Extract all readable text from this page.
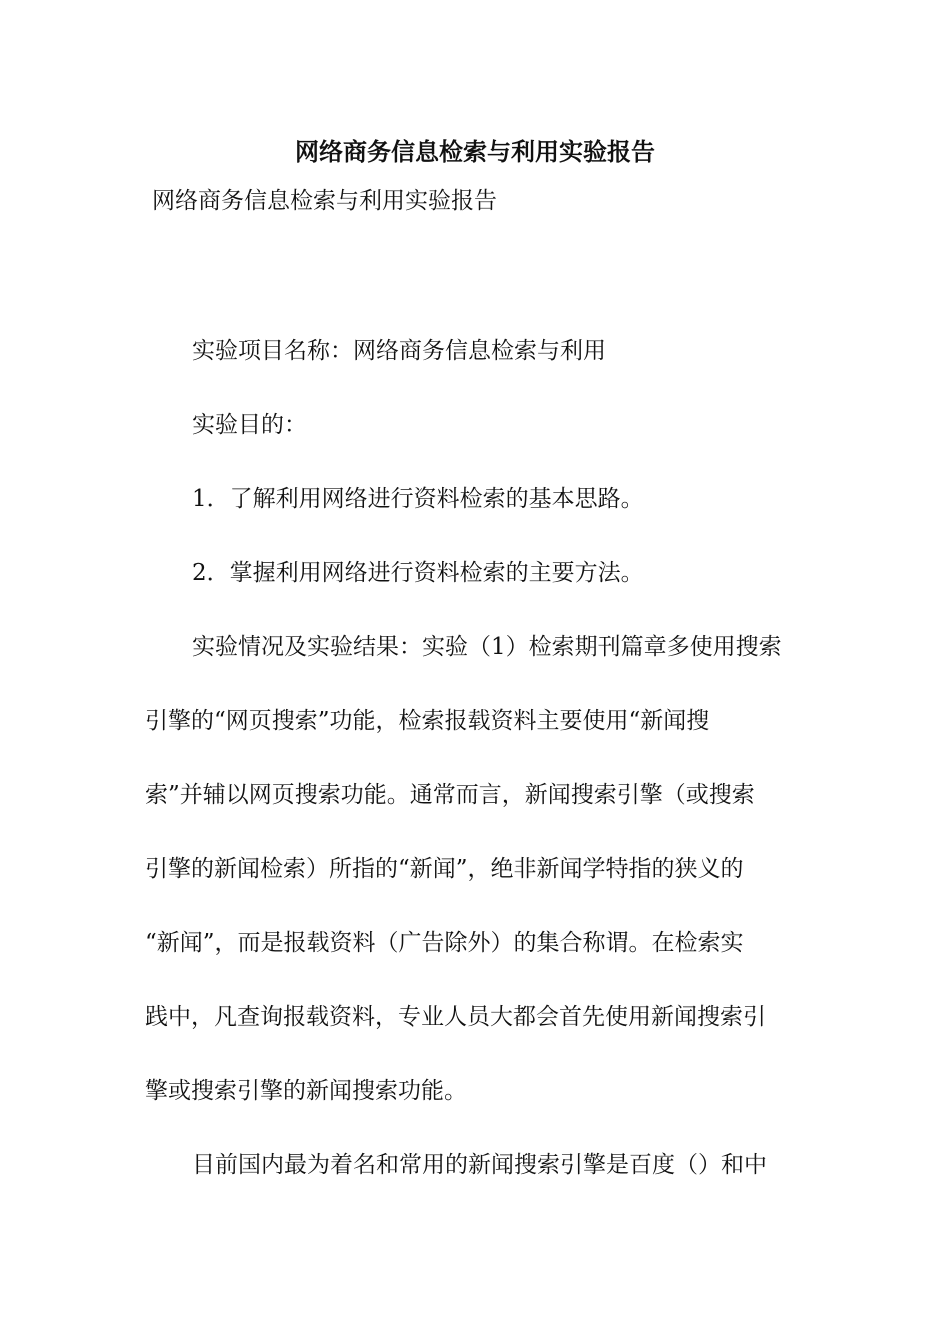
网络商务信息检索与利用实验报告
网络商务信息检索与利用实验报告
实验项目名称：网络商务信息检索与利用
实验目的：
1．了解利用网络进行资料检索的基本思路。
2．掌握利用网络进行资料检索的主要方法。
实验情况及实验结果：实验（1）检索期刊篇章多使用搜索
引擎的“网页搜索”功能，检索报载资料主要使用“新闻搜
索”并辅以网页搜索功能。通常而言，新闻搜索引擎（或搜索
引擎的新闻检索）所指的“新闻”，绝非新闻学特指的狭义的
“新闻”，而是报载资料（广告除外）的集合称谓。在检索实
践中，凡查询报载资料，专业人员大都会首先使用新闻搜索引
擎或搜索引擎的新闻搜索功能。
目前国内最为着名和常用的新闻搜索引擎是百度（）和中
